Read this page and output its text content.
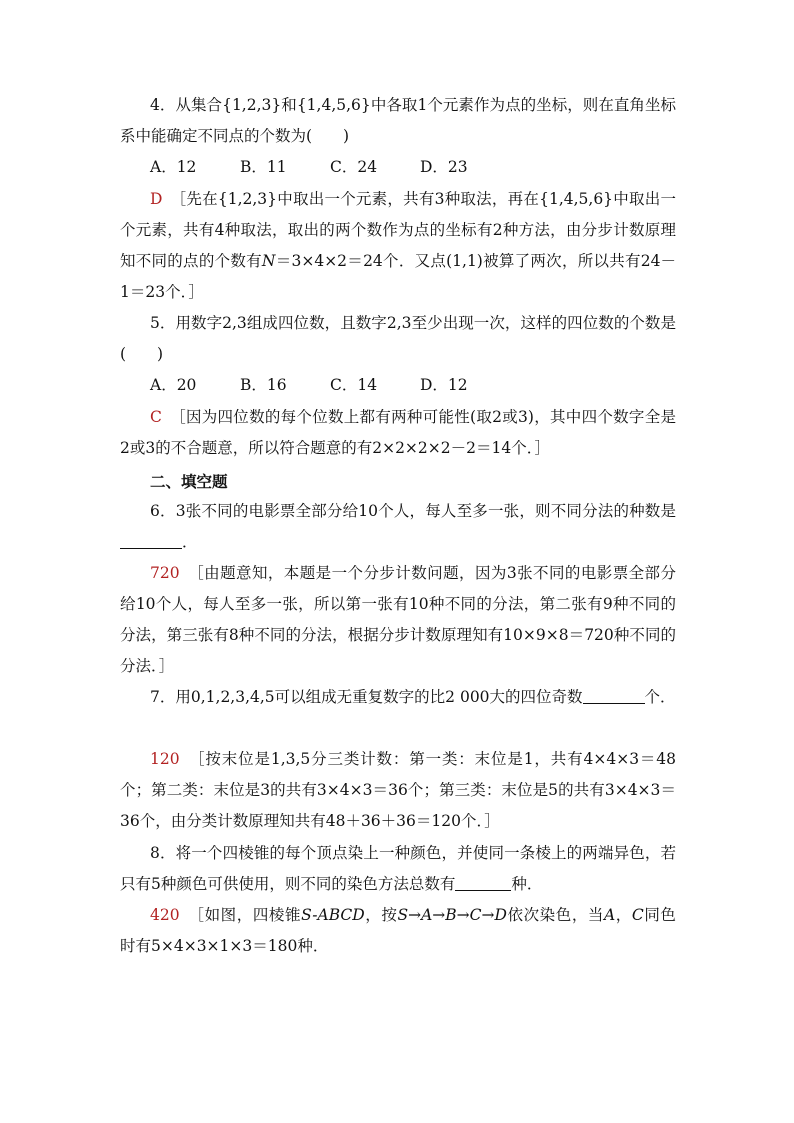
4．从集合{1,2,3}和{1,4,5,6}中各取1个元素作为点的坐标，则在直角坐标系中能确定不同点的个数为(　　)

A．12	B．11	C．24	D．23

D　 ［先在{1,2,3}中取出一个元素，共有3种取法，再在{1,4,5,6}中取出一个元素，共有4种取法，取出的两个数作为点的坐标有2种方法，由分步计数原理知不同的点的个数有N＝3×4×2＝24个．又点(1,1)被算了两次，所以共有24－1＝23个．］

5．用数字2,3组成四位数，且数字2,3至少出现一次，这样的四位数的个数是(　　)

A．20	B．16	C．14	D．12

C　 ［因为四位数的每个位数上都有两种可能性(取2或3)，其中四个数字全是2或3的不合题意，所以符合题意的有2×2×2×2－2＝14个．］

二、填空题

6．3张不同的电影票全部分给10个人，每人至多一张，则不同分法的种数是．

720　 ［由题意知，本题是一个分步计数问题，因为3张不同的电影票全部分给10个人，每人至多一张，所以第一张有10种不同的分法，第二张有9种不同的分法，第三张有8种不同的分法，根据分步计数原理知有10×9×8＝720种不同的分法．］

7．用0,1,2,3,4,5可以组成无重复数字的比2 000大的四位奇数	个．

120　 ［按末位是1,3,5分三类计数：第一类：末位是1，共有4×4×3＝48个；第二类：末位是3的共有3×4×3＝36个；第三类：末位是5的共有3×4×3＝36个，由分类计数原理知共有48＋36＋36＝120个．］

8．将一个四棱锥的每个顶点染上一种颜色，并使同一条棱上的两端异色，若只有5种颜色可供使用，则不同的染色方法总数有	种．

420　 ［如图，四棱锥S-ABCD，按S→A→B→C→D依次染色，当A，C同色时有5×4×3×1×3＝180种．
